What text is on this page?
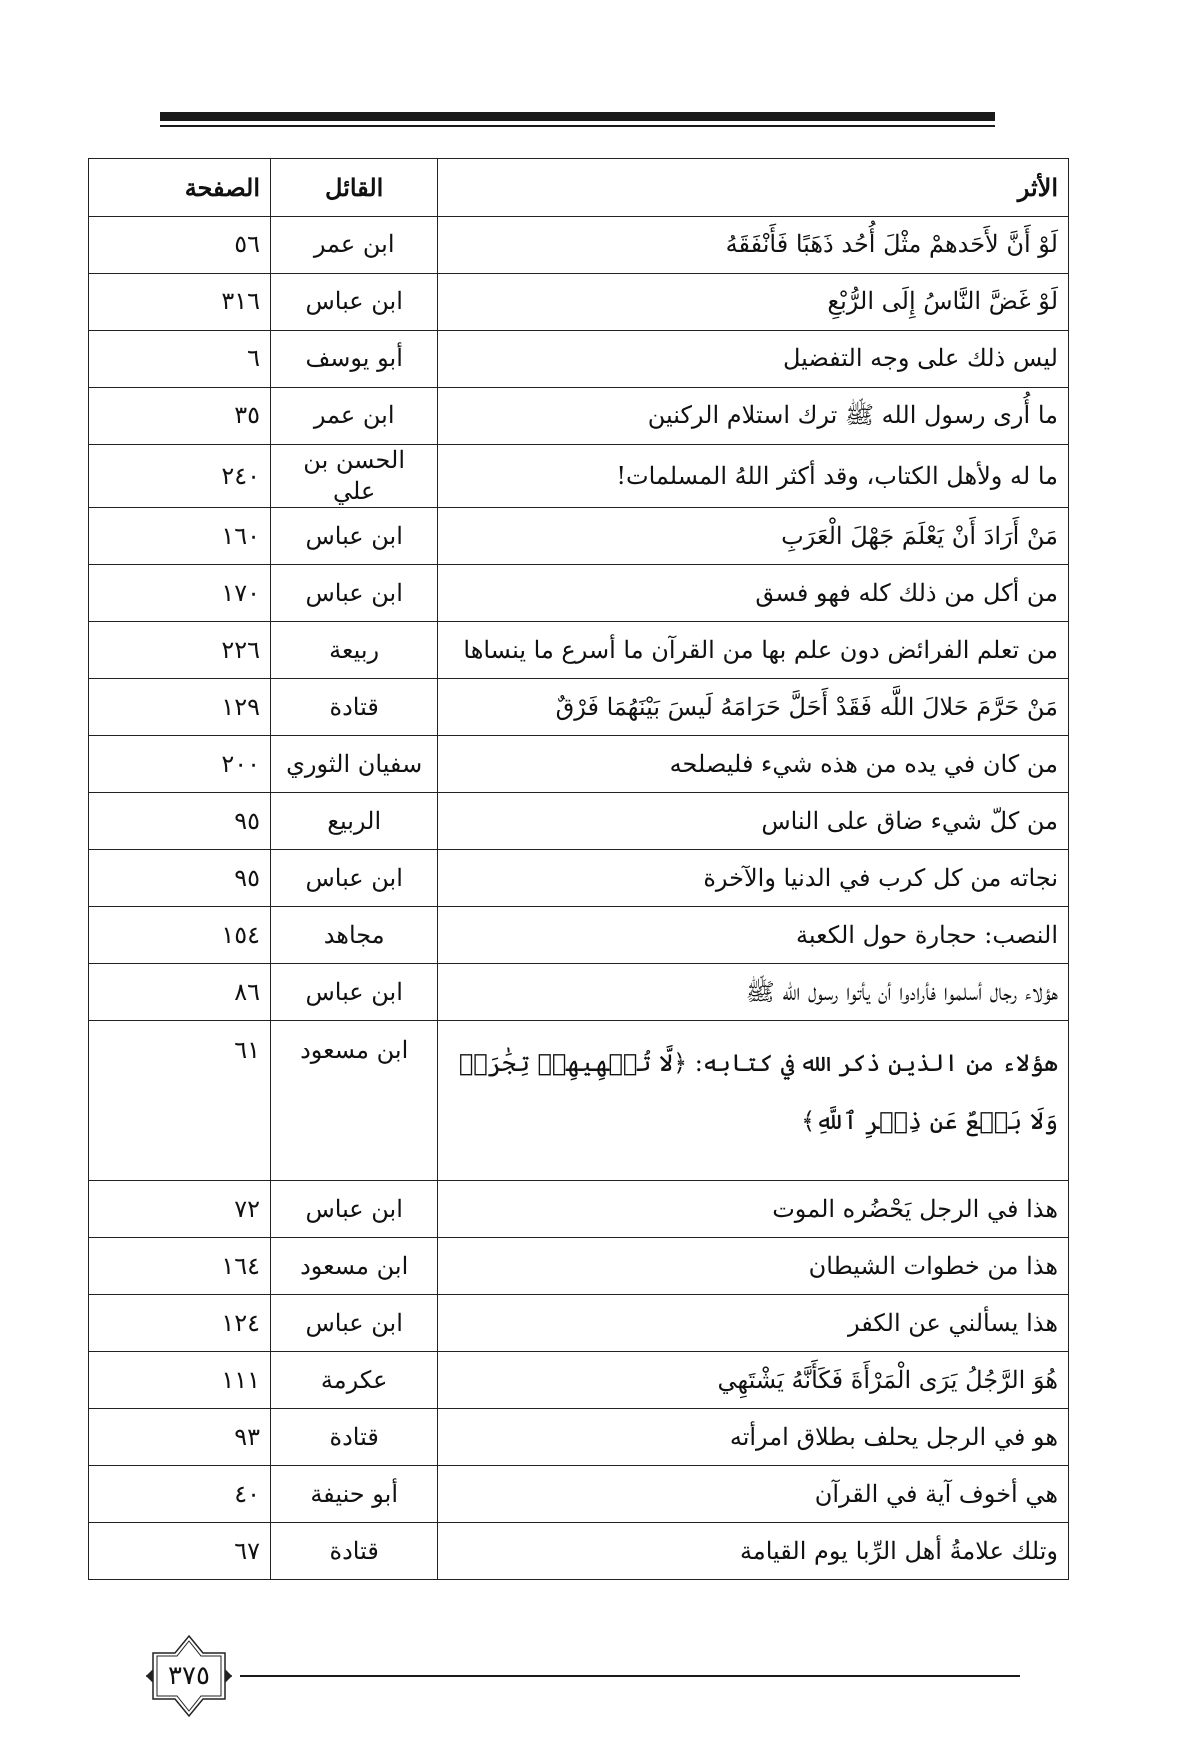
الأثر	القائل	الصفحة
لَوْ أَنَّ لأَحَدهمْ مثْلَ أُحُد ذَهَبًا فَأَنْفَقَهُ	ابن عمر	٥٦
لَوْ غَضَّ النَّاسُ إِلَى الرُّبْعِ	ابن عباس	٣١٦
ليس ذلك على وجه التفضيل	أبو يوسف	٦
ما أُرى رسول الله ﷺ ترك استلام الركنين	ابن عمر	٣٥
ما له ولأهل الكتاب، وقد أكثر اللهُ المسلمات!	الحسن بن علي	٢٤٠
مَنْ أَرَادَ أَنْ يَعْلَمَ جَهْلَ الْعَرَبِ	ابن عباس	١٦٠
من أكل من ذلك كله فهو فسق	ابن عباس	١٧٠
من تعلم الفرائض دون علم بها من القرآن ما أسرع ما ينساها	ربيعة	٢٢٦
مَنْ حَرَّمَ حَلالَ اللَّه فَقَدْ أَحَلَّ حَرَامَهُ لَيسَ بَيْنَهُمَا فَرْقٌ	قتادة	١٢٩
من كان في يده من هذه شيء فليصلحه	سفيان الثوري	٢٠٠
من كلّ شيء ضاق على الناس	الربيع	٩٥
نجاته من كل كرب في الدنيا والآخرة	ابن عباس	٩٥
النصب: حجارة حول الكعبة	مجاهد	١٥٤
هؤلاء رجال أسلموا فأرادوا أن يأتوا رسول الله ﷺ	ابن عباس	٨٦
هؤلاء من الذين ذكر الله في كتابه: ﴿لَّا تُلۡهِيهِمۡ تِجَٰرَةٞ وَلَا بَيۡعٌ عَن ذِكۡرِ ٱللَّهِ﴾	ابن مسعود	٦١
هذا في الرجل يَحْضُره الموت	ابن عباس	٧٢
هذا من خطوات الشيطان	ابن مسعود	١٦٤
هذا يسألني عن الكفر	ابن عباس	١٢٤
هُوَ الرَّجُلُ يَرَى الْمَرْأَةَ فَكَأَنَّهُ يَشْتَهِي	عكرمة	١١١
هو في الرجل يحلف بطلاق امرأته	قتادة	٩٣
هي أخوف آية في القرآن	أبو حنيفة	٤٠
وتلك علامةُ أهل الرِّبا يوم القيامة	قتادة	٦٧
٣٧٥
